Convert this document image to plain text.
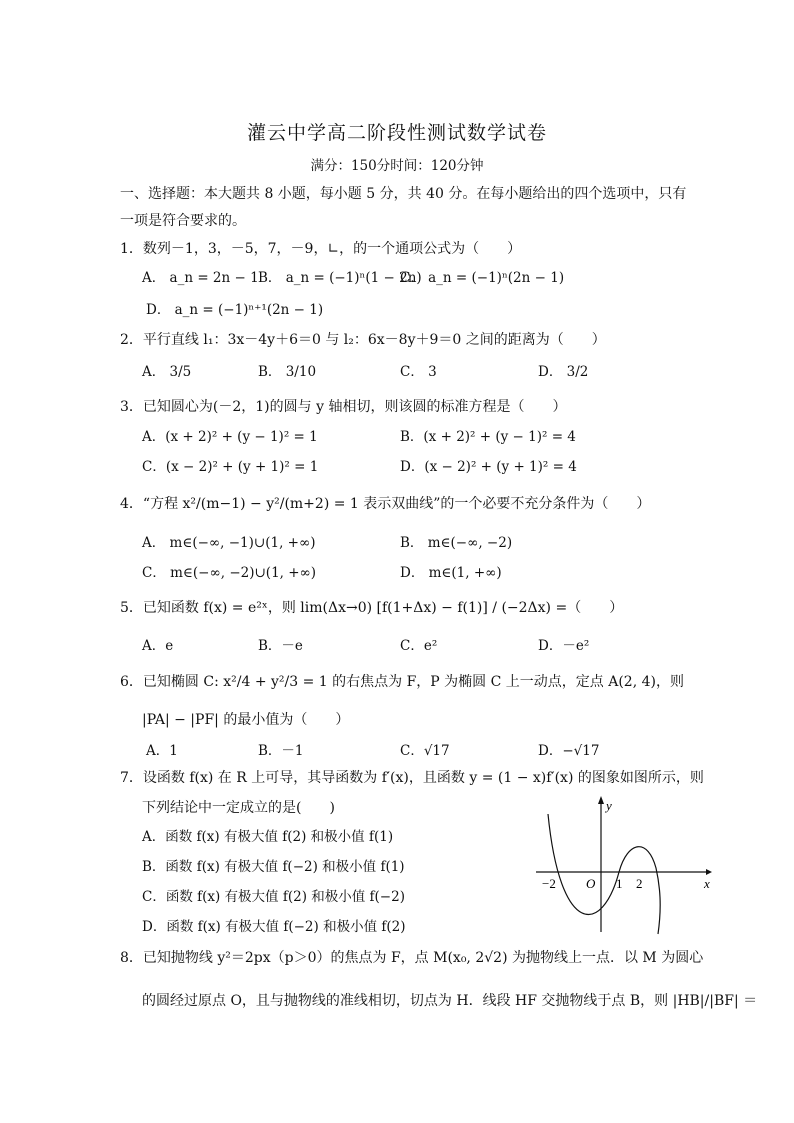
灌云中学高二阶段性测试数学试卷
满分：150分时间：120分钟
一、选择题：本大题共 8 小题，每小题 5 分，共 40 分。在每小题给出的四个选项中，只有
一项是符合要求的。
1．数列－1，3，－5，7，－9，∟，的一个通项公式为（　　）
A． a_n = 2n − 1 B． a_n = (−1)ⁿ(1 − 2n)
C． a_n = (−1)ⁿ(2n − 1)
D． a_n = (−1)ⁿ⁺¹(2n − 1)
2．平行直线 l₁：3x－4y＋6＝0 与 l₂：6x－8y＋9＝0 之间的距离为（　　）
A． 3/5	B． 3/10	C． 3	D． 3/2
3．已知圆心为(－2，1)的圆与 y 轴相切，则该圆的标准方程是（　　）
A．(x + 2)² + (y − 1)² = 1	B．(x + 2)² + (y − 1)² = 4
C．(x − 2)² + (y + 1)² = 1	D．(x − 2)² + (y + 1)² = 4
4．“方程 x²/(m−1) − y²/(m+2) = 1 表示双曲线”的一个必要不充分条件为（　　）
A． m∈(−∞, −1)∪(1, +∞)	B． m∈(−∞, −2)
C． m∈(−∞, −2)∪(1, +∞)	D． m∈(1, +∞)
5．已知函数 f(x) = e²ˣ，则 lim(Δx→0) [f(1+Δx) − f(1)] / (−2Δx) =（　　）
A．e	B．－e	C．e²	D．－e²
6．已知椭圆 C: x²/4 + y²/3 = 1 的右焦点为 F，P 为椭圆 C 上一动点，定点 A(2, 4)，则
|PA| − |PF| 的最小值为（　　）
A．1	B．－1	C．√17	D．−√17
7．设函数 f(x) 在 R 上可导，其导函数为 f′(x)，且函数 y = (1 − x)f′(x) 的图象如图所示，则
下列结论中一定成立的是(　　)
A．函数 f(x) 有极大值 f(2) 和极小值 f(1)
B．函数 f(x) 有极大值 f(−2) 和极小值 f(1)
C．函数 f(x) 有极大值 f(2) 和极小值 f(−2)
D．函数 f(x) 有极大值 f(−2) 和极小值 f(2)
x
y
O
−2	1 2
8．已知抛物线 y²＝2px（p＞0）的焦点为 F，点 M(x₀, 2√2) 为抛物线上一点．以 M 为圆心
的圆经过原点 O，且与抛物线的准线相切，切点为 H．线段 HF 交抛物线于点 B，则 |HB|/|BF| ＝
